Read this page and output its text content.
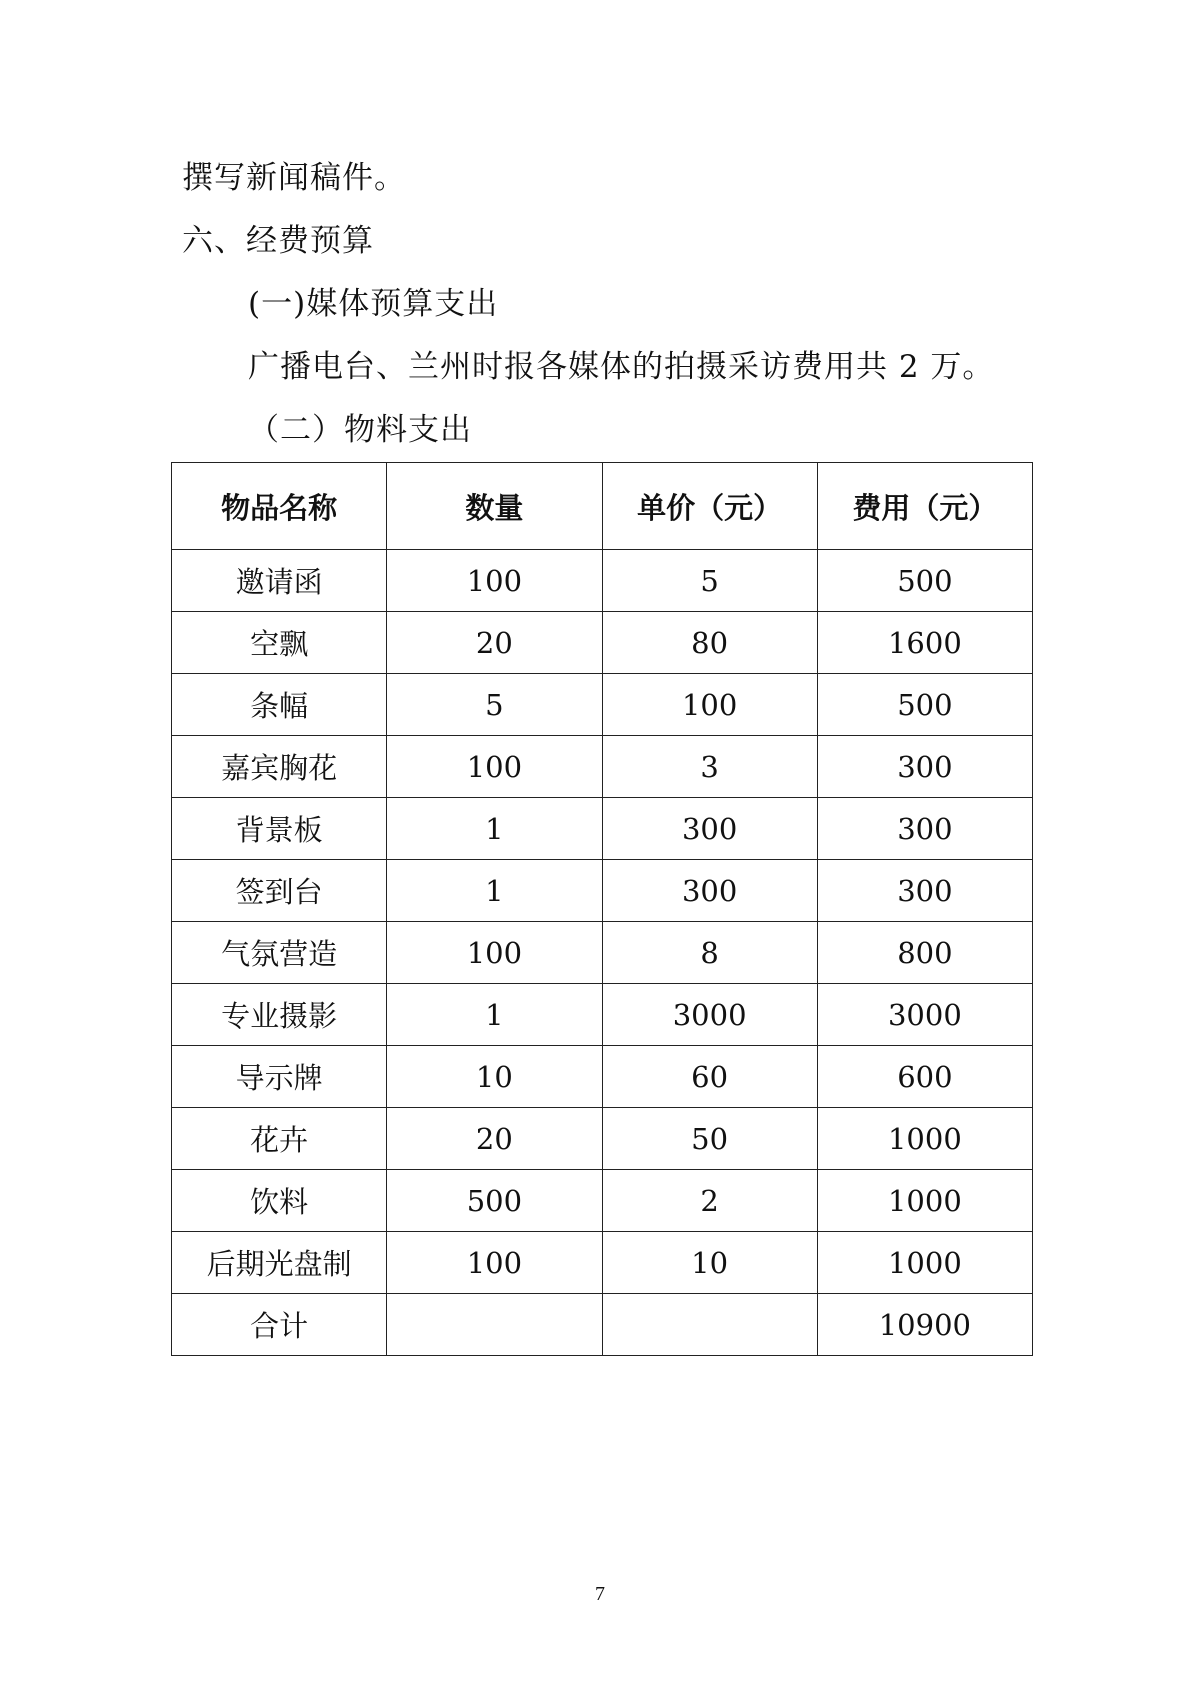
撰写新闻稿件。
六、经费预算
(一)媒体预算支出
广播电台、兰州时报各媒体的拍摄采访费用共 2 万。
（二）物料支出
物品名称	数量	单价（元）	费用（元）
邀请函	100	5	500
空飘	20	80	1600
条幅	5	100	500
嘉宾胸花	100	3	300
背景板	1	300	300
签到台	1	300	300
气氛营造	100	8	800
专业摄影	1	3000	3000
导示牌	10	60	600
花卉	20	50	1000
饮料	500	2	1000
后期光盘制	100	10	1000
合计			10900
7
